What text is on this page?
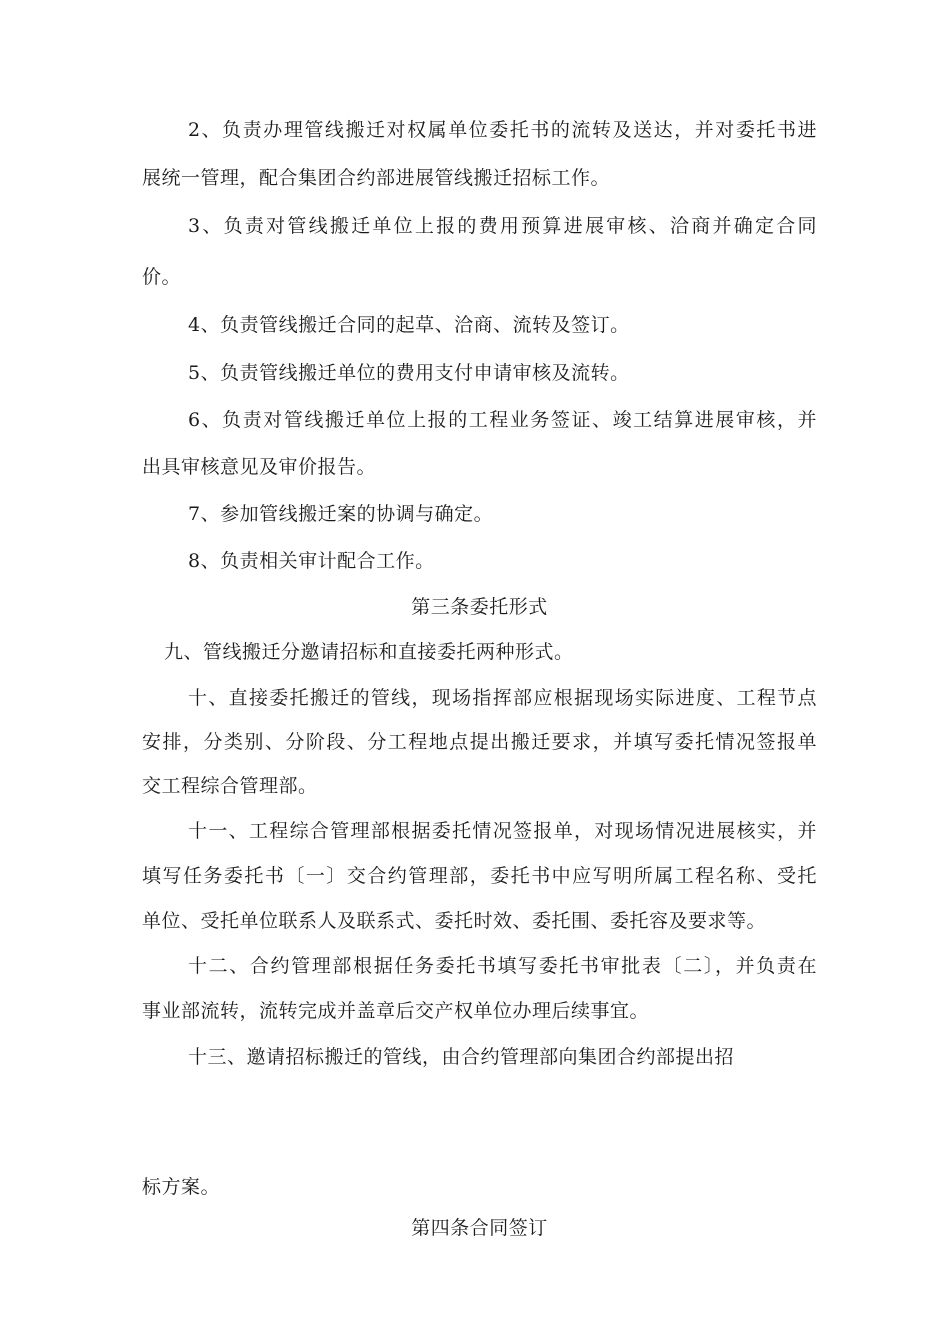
2、负责办理管线搬迁对权属单位委托书的流转及送达，并对委托书进
展统一管理，配合集团合约部进展管线搬迁招标工作。
3、负责对管线搬迁单位上报的费用预算进展审核、洽商并确定合同
价。
4、负责管线搬迁合同的起草、洽商、流转及签订。
5、负责管线搬迁单位的费用支付申请审核及流转。
6、负责对管线搬迁单位上报的工程业务签证、竣工结算进展审核，并
出具审核意见及审价报告。
7、参加管线搬迁案的协调与确定。
8、负责相关审计配合工作。
第三条委托形式
九、管线搬迁分邀请招标和直接委托两种形式。
十、直接委托搬迁的管线，现场指挥部应根据现场实际进度、工程节点
安排，分类别、分阶段、分工程地点提出搬迁要求，并填写委托情况签报单
交工程综合管理部。
十一、工程综合管理部根据委托情况签报单，对现场情况进展核实，并
填写任务委托书〔一〕交合约管理部，委托书中应写明所属工程名称、受托
单位、受托单位联系人及联系式、委托时效、委托围、委托容及要求等。
十二、合约管理部根据任务委托书填写委托书审批表〔二〕，并负责在
事业部流转，流转完成并盖章后交产权单位办理后续事宜。
十三、邀请招标搬迁的管线，由合约管理部向集团合约部提出招
标方案。
第四条合同签订
